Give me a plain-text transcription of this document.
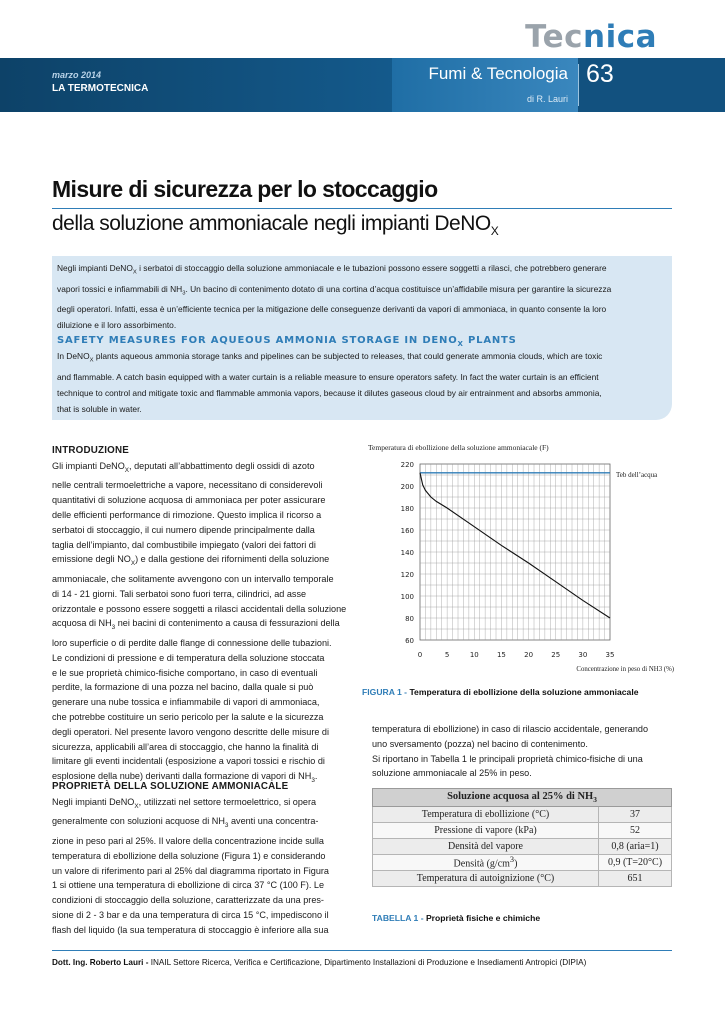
Tecnica
marzo 2014
LA TERMOTECNICA
Fumi & Tecnologia 63
di R. Lauri
Misure di sicurezza per lo stoccaggio
della soluzione ammoniacale negli impianti DeNO$_X$

Negli impianti DeNO$_X$ i serbatoi di stoccaggio della soluzione ammoniacale e le tubazioni possono essere soggetti a rilasci, che potrebbero generare
vapori tossici e infiammabili di $NH_3$. Un bacino di contenimento dotato di una cortina d’acqua costituisce un’affidabile misura per garantire la sicurezza
degli operatori. Infatti, essa è un’efficiente tecnica per la mitigazione delle conseguenze derivanti da vapori di ammoniaca, in quanto consente la loro
diluizione e il loro assorbimento.

SAFETY MEASURES FOR AQUEOUS AMMONIA STORAGE IN $DENO_X$ PLANTS

In DeNO$_X$ plants aqueous ammonia storage tanks and pipelines can be subjected to releases, that could generate ammonia clouds, which are toxic
and flammable. A catch basin equipped with a water curtain is a reliable measure to ensure operators safety. In fact the water curtain is an efficient
technique to control and mitigate toxic and flammable ammonia vapors, because it dilutes gaseous cloud by air entrainment and absorbs ammonia,
that is soluble in water.

INTRODUZIONE

Gli impianti DeNO$_X$, deputati all’abbattimento degli ossidi di azoto
nelle centrali termoelettriche a vapore, necessitano di considerevoli
quantitativi di soluzione acquosa di ammoniaca per poter assicurare
delle efficienti performance di rimozione. Questo implica il ricorso a
serbatoi di stoccaggio, il cui numero dipende principalmente dalla
taglia dell’impianto, dal combustibile impiegato (valori dei fattori di
emissione degli $NO_X$) e dalla gestione dei rifornimenti della soluzione
ammoniacale, che solitamente avvengono con un intervallo temporale
di 14 - 21 giorni. Tali serbatoi sono fuori terra, cilindrici, ad asse
orizzontale e possono essere soggetti a rilasci accidentali della soluzione
acquosa di $NH_3$ nei bacini di contenimento a causa di fessurazioni della
loro superficie o di perdite dalle flange di connessione delle tubazioni.
Le condizioni di pressione e di temperatura della soluzione stoccata
e le sue proprietà chimico-fisiche comportano, in caso di eventuali
perdite, la formazione di una pozza nel bacino, dalla quale si può
generare una nube tossica e infiammabile di vapori di ammoniaca,
che potrebbe costituire un serio pericolo per la salute e la sicurezza
degli operatori. Nel presente lavoro vengono descritte delle misure di
sicurezza, applicabili all’area di stoccaggio, che hanno la finalità di
limitare gli eventi incidentali (esposizione a vapori tossici e rischio di
esplosione della nube) derivanti dalla formazione di vapori di $NH_3$.

PROPRIETÀ DELLA SOLUZIONE AMMONIACALE

Negli impianti DeNO$_X$, utilizzati nel settore termoelettrico, si opera
generalmente con soluzioni acquose di $NH_3$ aventi una concentra-
zione in peso pari al 25%. Il valore della concentrazione incide sulla
temperatura di ebollizione della soluzione (Figura 1) e considerando
un valore di riferimento pari al 25% dal diagramma riportato in Figura
1 si ottiene una temperatura di ebollizione di circa 37 °C (100 F). Le
condizioni di stoccaggio della soluzione, caratterizzate da una pres-
sione di 2 - 3 bar e da una temperatura di circa 15 °C, impediscono il
flash del liquido (la sua temperatura di stoccaggio è inferiore alla sua

Temperatura di ebollizione della soluzione ammoniacale (F)
60
80
100
120
140
160
180
200
220
0	5	10	15	20	25	30	35
Teb dell’acqua
Concentrazione in peso di NH3 (%)
FIGURA 1 - Temperatura di ebollizione della soluzione ammoniacale

temperatura di ebollizione) in caso di rilascio accidentale, generando
uno sversamento (pozza) nel bacino di contenimento.
Si riportano in Tabella 1 le principali proprietà chimico-fisiche di una
soluzione ammoniacale al 25% in peso.

Soluzione acquosa al 25% di $NH_3$
Temperatura di ebollizione (°C)	37
Pressione di vapore (kPa)	52
Densità del vapore	0,8 (aria=1)
Densità $(g/cm^3)$	0,9 (T=20°C)
Temperatura di autoignizione (°C)	651
TABELLA 1 - Proprietà fisiche e chimiche
Dott. Ing. Roberto Lauri - INAIL Settore Ricerca, Verifica e Certificazione, Dipartimento Installazioni di Produzione e Insediamenti Antropici (DIPIA)
